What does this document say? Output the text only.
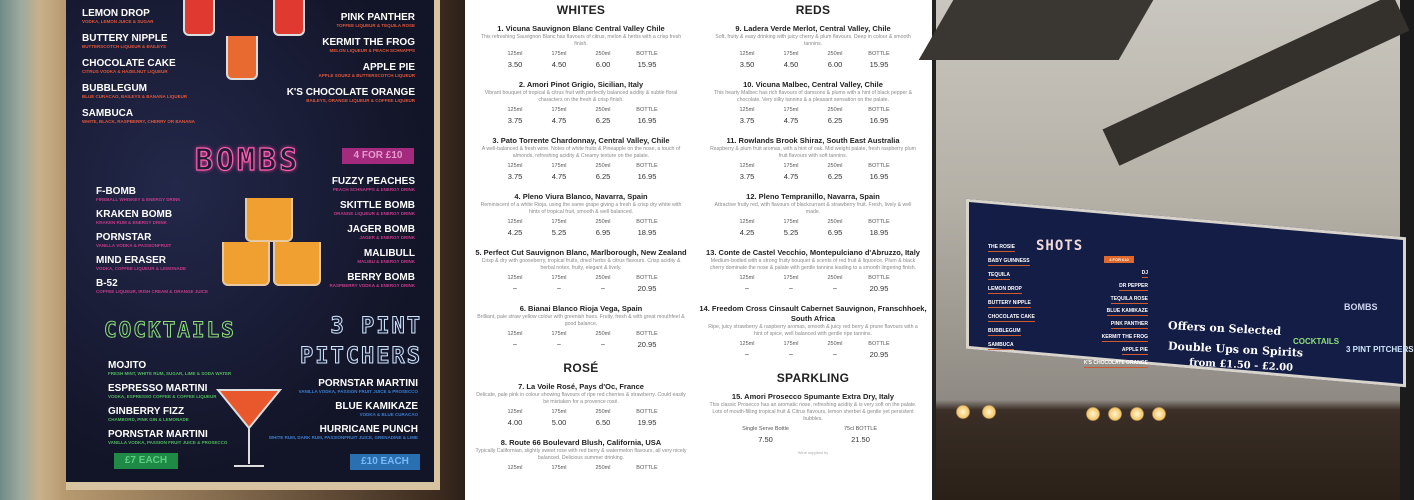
LEMON DROP
VODKA, LEMON JUICE & SUGAR
BUTTERY NIPPLE
BUTTERSCOTCH LIQUEUR & BAILEYS
CHOCOLATE CAKE
CITRUS VODKA & HAZELNUT LIQUEUR
BUBBLEGUM
BLUE CURACAO, BAILEYS & BANANA LIQUEUR
SAMBUCA
WHITE, BLACK, RASPBERRY, CHERRY OR BANANA
PINK PANTHER
TOFFEE LIQUEUR & TEQUILA ROSE
KERMIT THE FROG
MELON LIQUEUR & PEACH SCHNAPPS
APPLE PIE
APPLE SOURZ & BUTTERSCOTCH LIQUEUR
K'S CHOCOLATE ORANGE
BAILEYS, ORANGE LIQUEUR & COFFEE LIQUEUR
F-BOMB
FIREBALL WHISKEY & ENERGY DRINK
KRAKEN BOMB
KRAKEN RUM & ENERGY DRINK
PORNSTAR
VANILLA VODKA & PASSIONFRUIT
MIND ERASER
VODKA, COFFEE LIQUEUR & LEMONADE
B-52
COFFEE LIQUEUR, IRISH CREAM & ORANGE JUICE
FUZZY PEACHES
PEACH SCHNAPPS & ENERGY DRINK
SKITTLE BOMB
ORANGE LIQUEUR & ENERGY DRINK
JAGER BOMB
JAGER & ENERGY DRINK
MALIBULL
MALIBU & ENERGY DRINK
BERRY BOMB
RASPBERRY VODKA & ENERGY DRINK
MOJITO
FRESH MINT, WHITE RUM, SUGAR, LIME & SODA WATER
ESPRESSO MARTINI
VODKA, ESPRESSO COFFEE & COFFEE LIQUEUR
GINBERRY FIZZ
CHAMBORD, PINK GIN & LEMONADE
PORNSTAR MARTINI
VANILLA VODKA, PASSION FRUIT JUICE & PROSECCO
PORNSTAR MARTINI
VANILLA VODKA, PASSION FRUIT JUICE & PROSECCO
BLUE KAMIKAZE
VODKA & BLUE CURACAO
HURRICANE PUNCH
WHITE RUM, DARK RUM, PASSIONFRUIT JUICE, GRENADINE & LIME
BOMBS	4 FOR £10
COCKTAILS	3 PINT PITCHERS
£7 EACH	£10 EACH
WHITES
1. Vicuna Sauvignon Blanc Central Valley Chile
This refreshing Sauvignon Blanc has flavours of citrus, melon & herbs with a crisp fresh finish.
125ml	175ml	250ml	BOTTLE
3.50	4.50	6.00	15.95
2. Amori Pinot Grigio, Sicilian, Italy
Vibrant bouquet of tropical & citrus fruit with perfectly balanced acidity & subtle floral characters on the fresh & crisp finish.
125ml	175ml	250ml	BOTTLE
3.75	4.75	6.25	16.95
3. Pato Torrente Chardonnay, Central Valley, Chile
A well-balanced & fresh wine. Notes of white fruits & Pineapple on the nose, a touch of almonds, refreshing acidity & Creamy texture on the palate.
125ml	175ml	250ml	BOTTLE
3.75	4.75	6.25	16.95
4. Pleno Viura Blanco, Navarra, Spain
Reminiscent of a white Rioja, using the same grape giving a fresh & crisp dry white with hints of tropical fruit, smooth & well balanced.
125ml	175ml	250ml	BOTTLE
4.25	5.25	6.95	18.95
5. Perfect Cut Sauvignon Blanc, Marlborough, New Zealand
Crisp & dry with gooseberry, tropical fruits, dried herbs & citrus flavours. Crisp acidity & herbal notes, fruity, elegant & lively.
125ml	175ml	250ml	BOTTLE
~	~	~	20.95
6. Bianai Blanco Rioja Vega, Spain
Brilliant, pale straw yellow colour with greenish hues. Fruity, fresh & with great mouthfeel & good balance.
125ml	175ml	250ml	BOTTLE
~	~	~	20.95
ROSÉ
7. La Voile Rosé, Pays d'Oc, France
Delicate, pale pink in colour showing flavours of ripe red cherries & strawberry. Could easily be mistaken for a provence rosé.
125ml	175ml	250ml	BOTTLE
4.00	5.00	6.50	19.95
8. Route 66 Boulevard Blush, California, USA
Typically Californian, slightly sweet rose with red berry & watermelon flavours, all very nicely balanced. Delicious summer drinking.
125ml	175ml	250ml	BOTTLE
REDS
9. Ladera Verde Merlot, Central Valley, Chile
Soft, fruity & easy drinking with juicy cherry & plum flavours. Deep in colour & smooth tannins.
125ml	175ml	250ml	BOTTLE
3.50	4.50	6.00	15.95
10. Vicuna Malbec, Central Valley, Chile
This hearty Malbec has rich flavours of damsons & plums with a hint of black pepper & chocolate. Very silky tannins & a pleasant sensation on the palate.
125ml	175ml	250ml	BOTTLE
3.75	4.75	6.25	16.95
11. Rowlands Brook Shiraz, South East Australia
Raspberry & plum fruit aromas, with a hint of oak. Mid weight palate, fresh raspberry plum fruit flavours with soft tannins.
125ml	175ml	250ml	BOTTLE
3.75	4.75	6.25	16.95
12. Pleno Tempranillo, Navarra, Spain
Attractive fruity red, with flavours of blackcurrant & strawberry fruit. Fresh, lively & well made.
125ml	175ml	250ml	BOTTLE
4.25	5.25	6.95	18.95
13. Conte de Castel Vecchio, Montepulciano d'Abruzzo, Italy
Medium-bodied with a strong fruity bouquet & scents of red fruit & liquorice. Plum & black cherry dominate the nose & palate with gentle tannins leading to a smooth lingering finish.
125ml	175ml	250ml	BOTTLE
~	~	~	20.95
14. Freedom Cross Cinsault Cabernet Sauvignon, Franschhoek, South Africa
Ripe, juicy strawberry & raspberry aromas, smooth & juicy red berry & prune flavours with a hint of spice, well balanced with gentle ripe tannins.
125ml	175ml	250ml	BOTTLE
~	~	~	20.95
SPARKLING
15. Amori Prosecco Spumante Extra Dry, Italy
This classic Prosecco has an aromatic nose, refreshing acidity & is very soft on the palate. Lots of mouth-filling tropical fruit & Citrus flavours, lemon sherbet & gentle yet persistent bubbles.
Single Serve Bottle	75cl BOTTLE
7.50	21.50
Wine supplied by
SHOTS
4 FOR £10
THE ROSIE
BABY GUINNESS
TEQUILA
LEMON DROP
BUTTERY NIPPLE
CHOCOLATE CAKE
BUBBLEGUM
SAMBUCA
DJ
DR PEPPER
TEQUILA ROSE
BLUE KAMIKAZE
PINK PANTHER
KERMIT THE FROG
APPLE PIE
K'S CHOCOLATE ORANGE
Offers on Selected
Double Ups on Spirits
from £1.50 - £2.00
BOMBS
COCKTAILS
3 PINT PITCHERS
